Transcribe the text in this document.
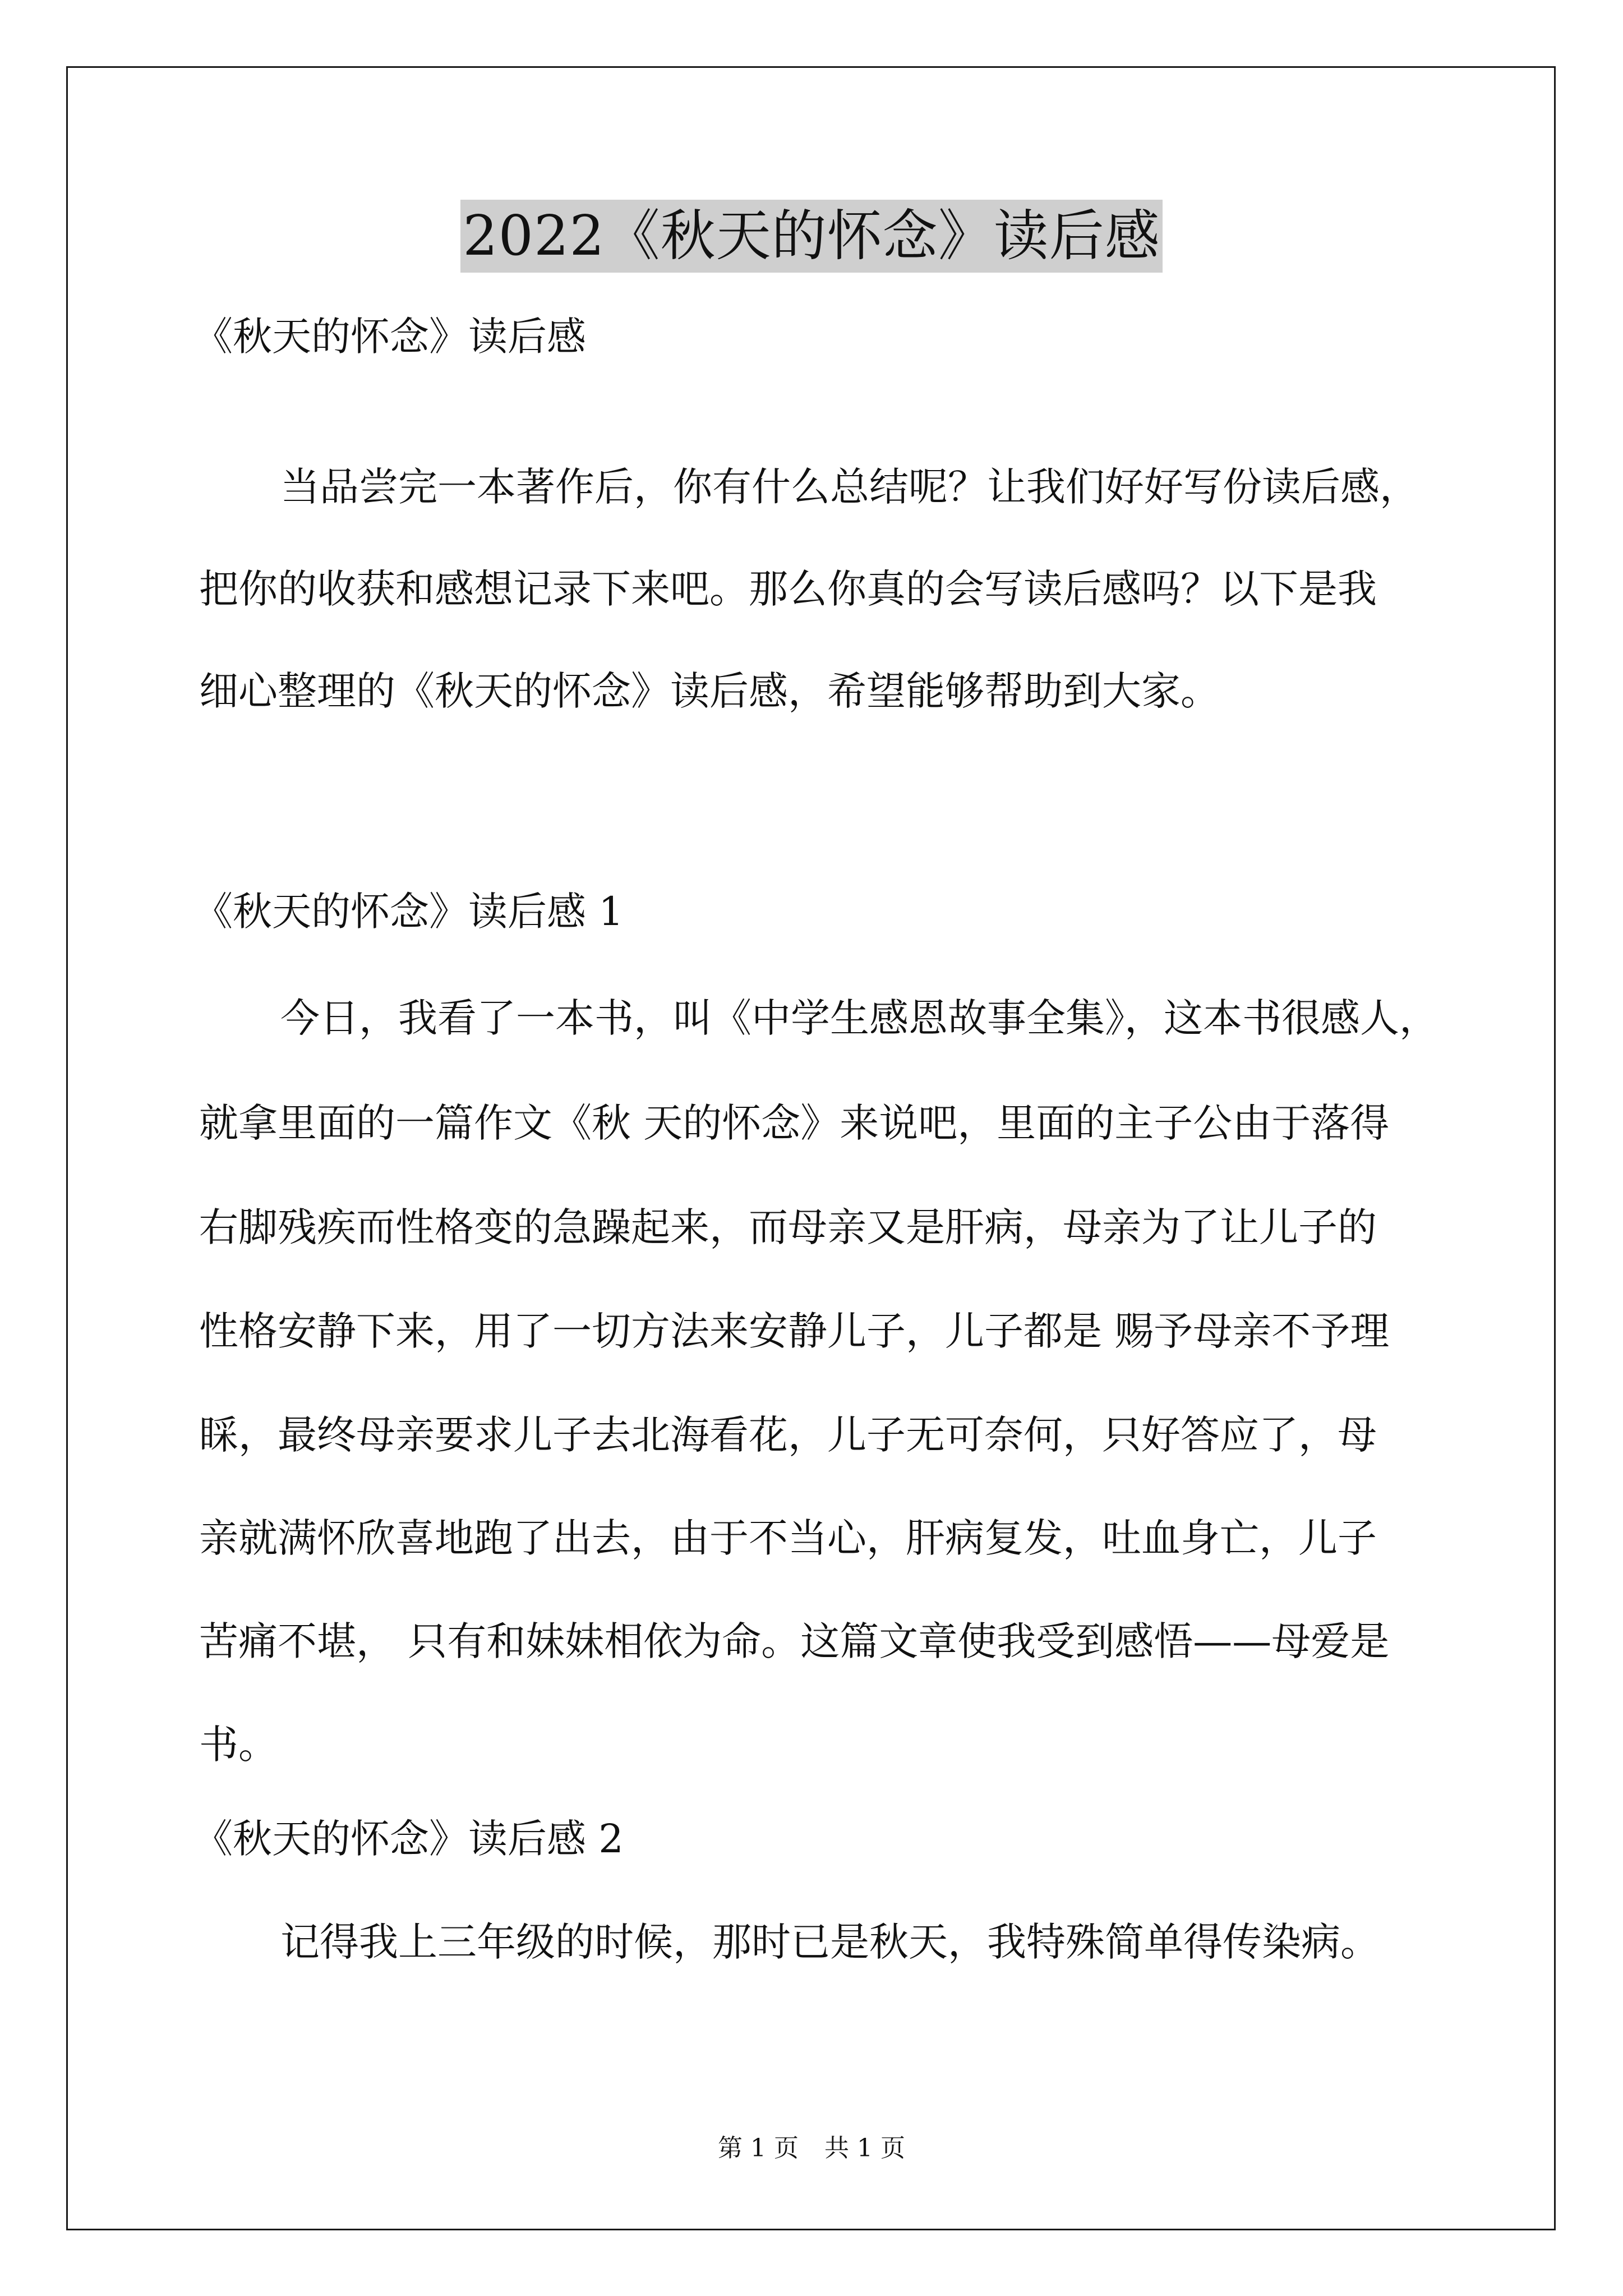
2022《秋天的怀念》读后感
《秋天的怀念》读后感
当品尝完一本著作后，你有什么总结呢？让我们好好写份读后感，
把你的收获和感想记录下来吧。那么你真的会写读后感吗？以下是我
细心整理的《秋天的怀念》读后感，希望能够帮助到大家。
《秋天的怀念》读后感 1
今日，我看了一本书，叫《中学生感恩故事全集》，这本书很感人，
就拿里面的一篇作文《秋 天的怀念》来说吧，里面的主子公由于落得
右脚残疾而性格变的急躁起来，而母亲又是肝病，母亲为了让儿子的
性格安静下来，用了一切方法来安静儿子，儿子都是 赐予母亲不予理
睬，最终母亲要求儿子去北海看花，儿子无可奈何，只好答应了，母
亲就满怀欣喜地跑了出去，由于不当心，肝病复发，吐血身亡，儿子
苦痛不堪， 只有和妹妹相依为命。这篇文章使我受到感悟——母爱是
书。
《秋天的怀念》读后感 2
记得我上三年级的时候，那时已是秋天，我特殊简单得传染病。
第 1 页 共 1 页
